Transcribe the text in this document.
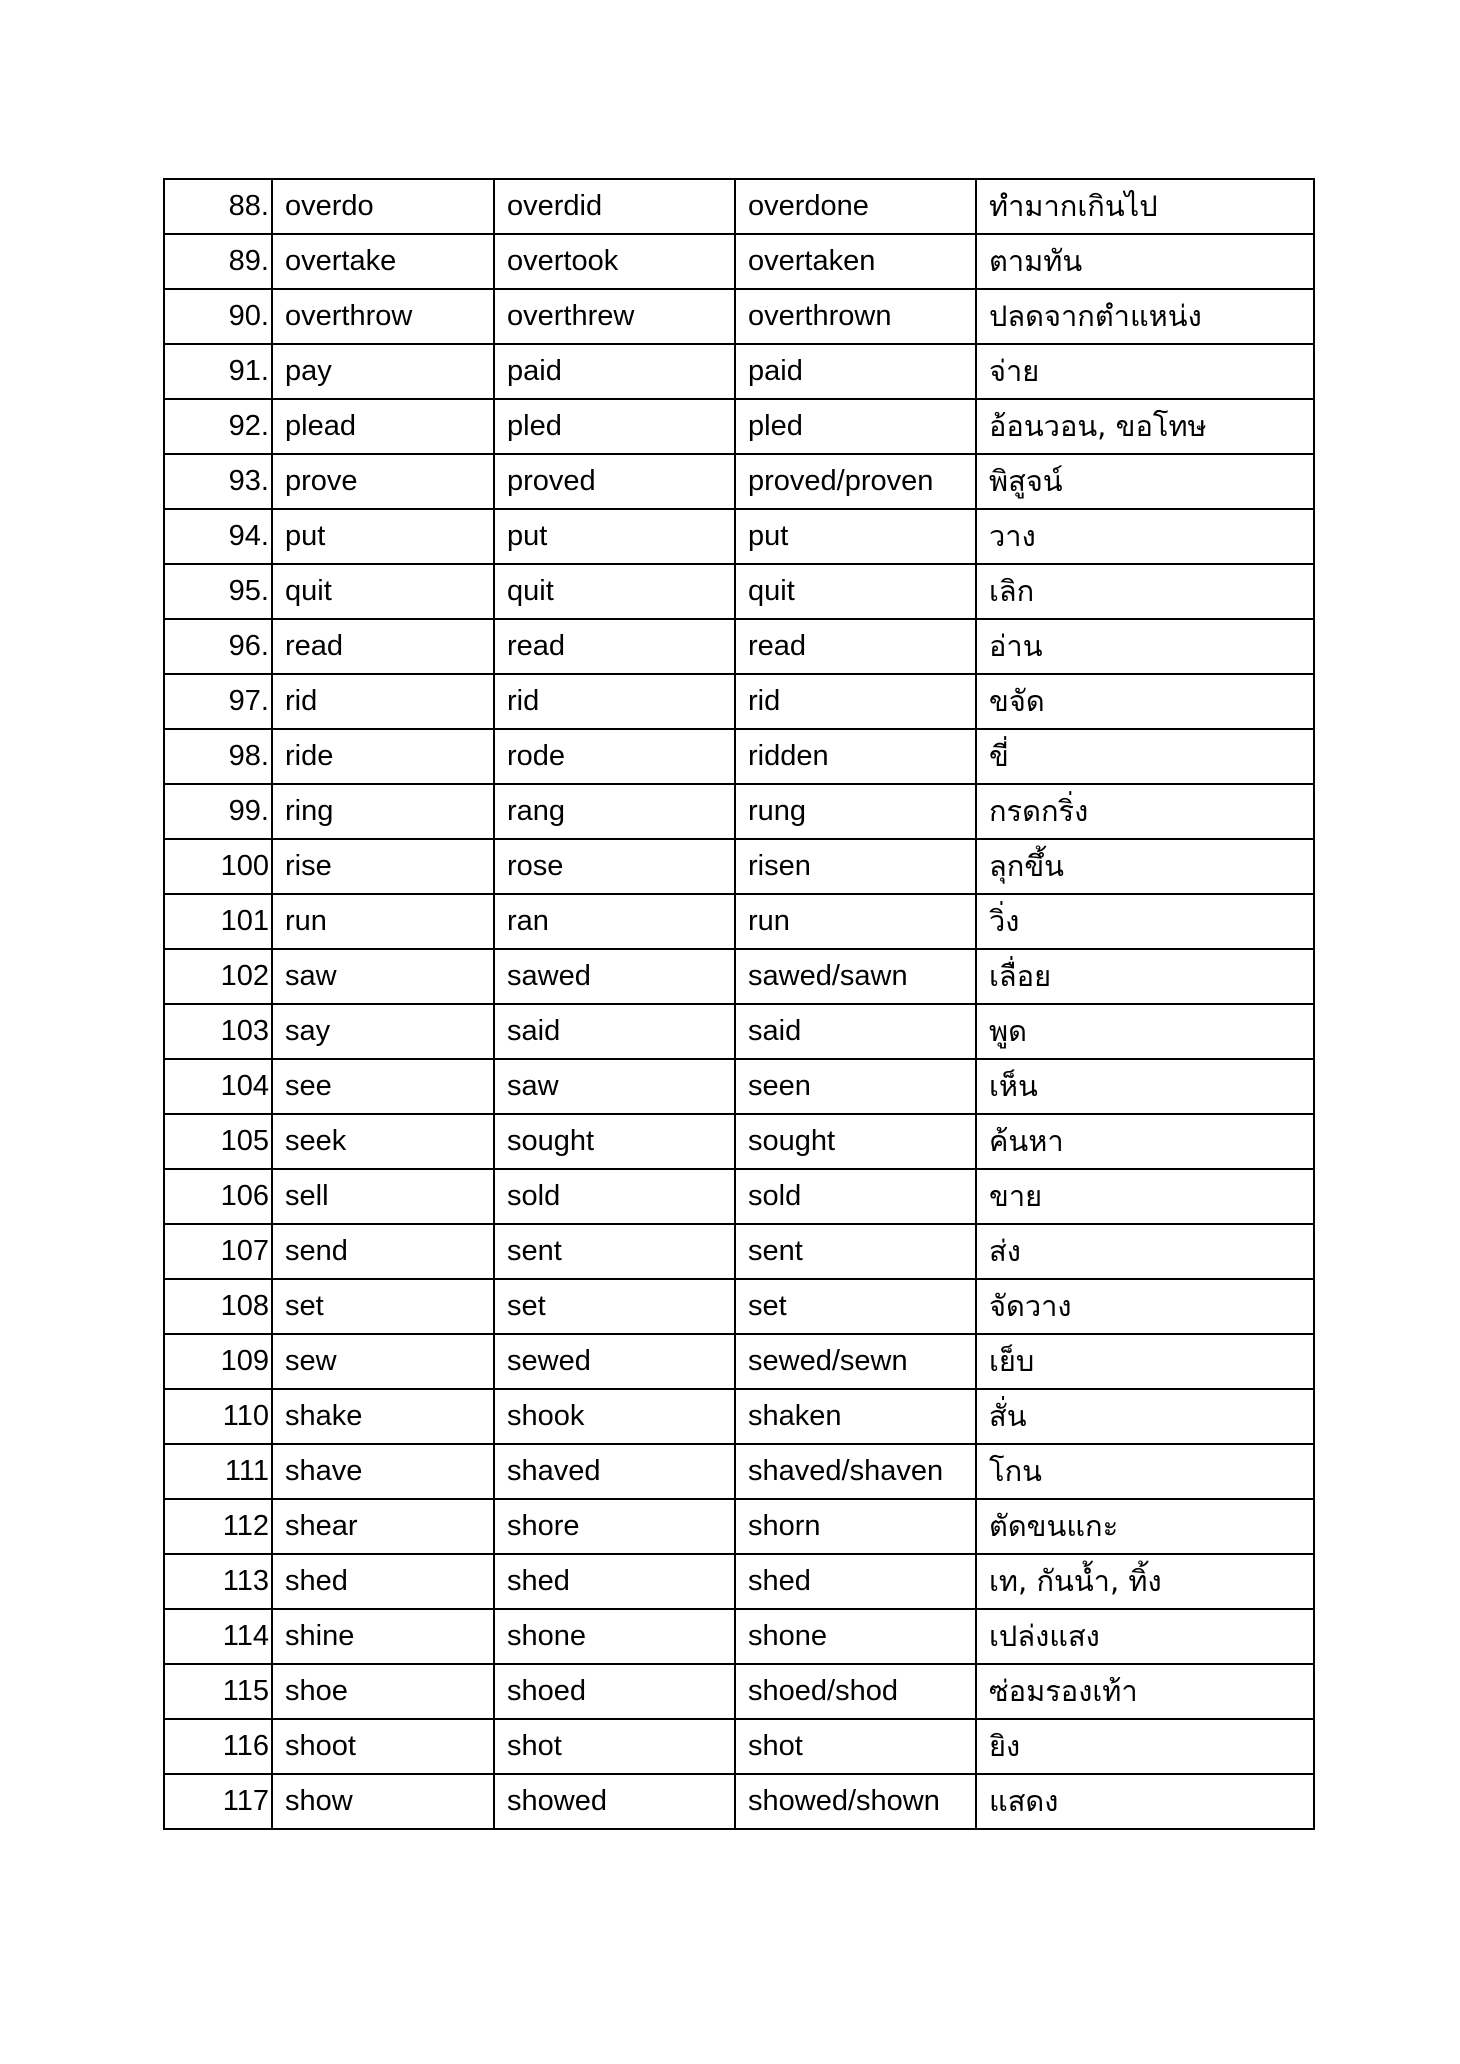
88.	overdo	overdid	overdone	ทำมากเกินไป
89.	overtake	overtook	overtaken	ตามทัน
90.	overthrow	overthrew	overthrown	ปลดจากตำแหน่ง
91.	pay	paid	paid	จ่าย
92.	plead	pled	pled	อ้อนวอน, ขอโทษ
93.	prove	proved	proved/proven	พิสูจน์
94.	put	put	put	วาง
95.	quit	quit	quit	เลิก
96.	read	read	read	อ่าน
97.	rid	rid	rid	ขจัด
98.	ride	rode	ridden	ขี่
99.	ring	rang	rung	กรดกริ่ง
100	rise	rose	risen	ลุกขึ้น
101	run	ran	run	วิ่ง
102	saw	sawed	sawed/sawn	เลื่อย
103	say	said	said	พูด
104	see	saw	seen	เห็น
105	seek	sought	sought	ค้นหา
106	sell	sold	sold	ขาย
107	send	sent	sent	ส่ง
108	set	set	set	จัดวาง
109	sew	sewed	sewed/sewn	เย็บ
110	shake	shook	shaken	สั่น
111	shave	shaved	shaved/shaven	โกน
112	shear	shore	shorn	ตัดขนแกะ
113	shed	shed	shed	เท, กันน้ำ, ทิ้ง
114	shine	shone	shone	เปล่งแสง
115	shoe	shoed	shoed/shod	ซ่อมรองเท้า
116	shoot	shot	shot	ยิง
117	show	showed	showed/shown	แสดง
